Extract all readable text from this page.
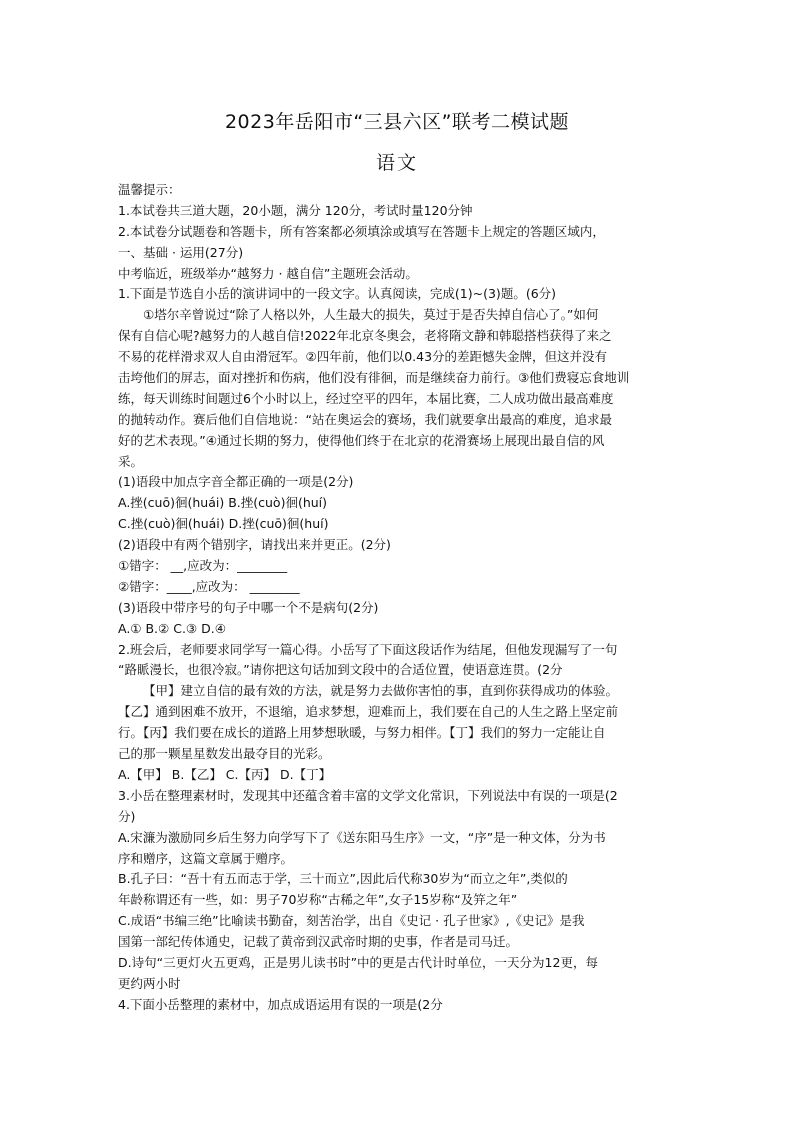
2023年岳阳市“三县六区”联考二模试题
语文
温馨提示：
1.本试卷共三道大题，20小题，满分 120分，考试时量120分钟
2.本试卷分试题卷和答题卡，所有答案都必须填涂或填写在答题卡上规定的答题区域内，
一、基础 · 运用(27分)
中考临近，班级举办“越努力 · 越自信”主题班会活动。
1.下面是节选自小岳的演讲词中的一段文字。认真阅读，完成(1)~(3)题。(6分)
①塔尔辛曾说过“除了人格以外，人生最大的损失，莫过于是否失掉自信心了。”如何
保有自信心呢?越努力的人越自信!2022年北京冬奥会，老将隋文静和韩聪搭档获得了来之
不易的花样滑求双人自由滑冠军。②四年前，他们以0.43分的差距憾失金牌，但这并没有
击垮他们的屏志，面对挫折和伤病，他们没有徘徊，而是继续奋力前行。③他们费寝忘食地训
练，每天训练时间题过6个小时以上，经过空平的四年，本届比赛，二人成功做出最高难度
的抛转动作。赛后他们自信地说：“站在奥运会的赛场，我们就要拿出最高的难度，追求最
好的艺术表现。”④通过长期的努力，使得他们终于在北京的花滑赛场上展现出最自信的风
采。
(1)语段中加点字音全都正确的一项是(2分)
A.挫(cuō)徊(huái) B.挫(cuò)徊(huí)
C.挫(cuò)徊(huái) D.挫(cuō)徊(huí)
(2)语段中有两个错别字，请找出来并更正。(2分)
①错字： __,应改为：________
②错字：____,应改为： ________
(3)语段中带序号的句子中哪一个不是病句(2分)
A.① B.② C.③ D.④
2.班会后，老师要求同学写一篇心得。小岳写了下面这段话作为结尾，但他发现漏写了一句
“路眽漫长，也很冷寂。”请你把这句话加到文段中的合适位置，使语意连贯。(2分
【甲】建立自信的最有效的方法，就是努力去做你害怕的事，直到你获得成功的体验。
【乙】通到困难不放开，不退缩，追求梦想，迎难而上，我们要在自己的人生之路上坚定前
行。【丙】我们要在成长的道路上用梦想耿暖，与努力相伴。【丁】我们的努力一定能让自
己的那一颗星星数发出最夺目的光彩。
A.【甲】 B.【乙】 C.【丙】 D.【丁】
3.小岳在整理素材时，发现其中还蕴含着丰富的文学文化常识，下列说法中有误的一项是(2
分)
A.宋濂为激励同乡后生努力向学写下了《送东阳马生序》一文，“序”是一种文体，分为书
序和赠序，这篇文章属于赠序。
B.孔子曰：“吾十有五而志于学，三十而立”,因此后代称30岁为“而立之年”,类似的
年龄称谓还有一些，如：男子70岁称“古稀之年”,女子15岁称“及笄之年”
C.成语“书编三绝”比喻读书勤奋，刻苦治学，出自《史记 · 孔子世家》,《史记》是我
国第一部纪传体通史，记载了黄帝到汉武帝时期的史事，作者是司马迁。
D.诗句“三更灯火五更鸡，正是男儿读书时”中的更是古代计时单位，一天分为12更，每
更约两小时
4.下面小岳整理的素材中，加点成语运用有误的一项是(2分
